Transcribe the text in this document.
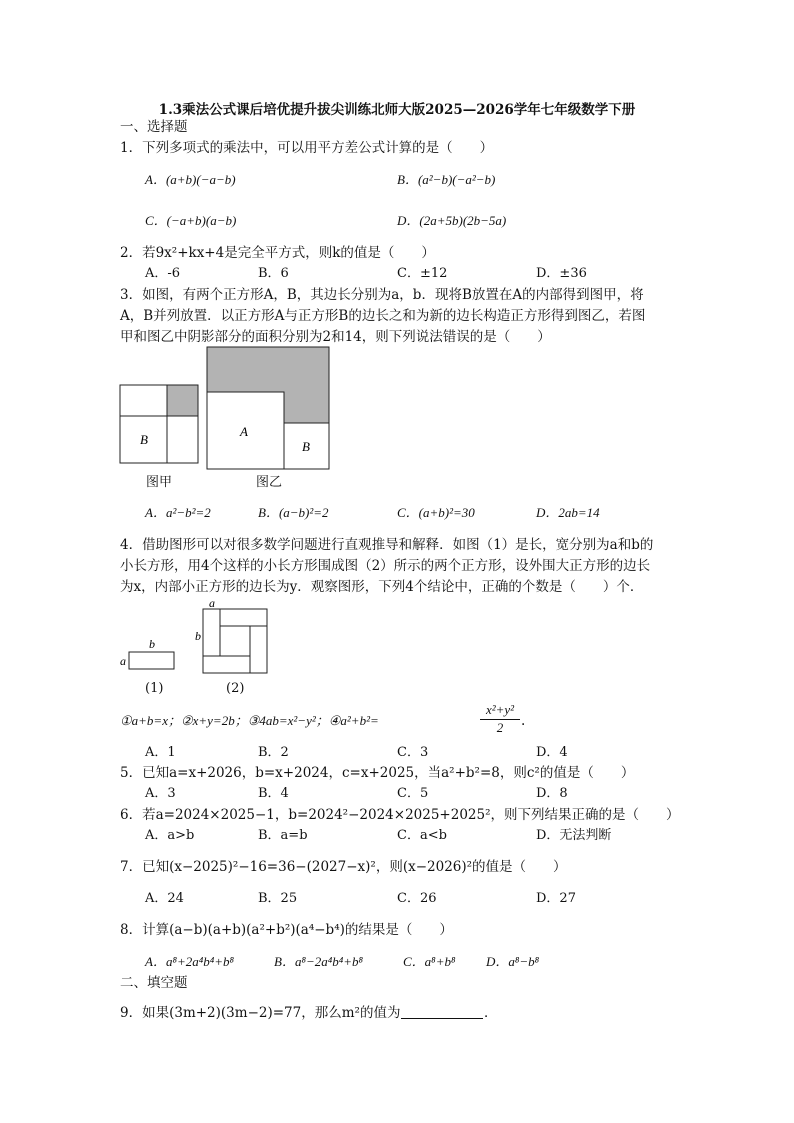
1.3乘法公式课后培优提升拔尖训练北师大版2025—2026学年七年级数学下册
一、选择题
1．下列多项式的乘法中，可以用平方差公式计算的是（　　）
A．(a+b)(−a−b)	B．(a²−b)(−a²−b)
C．(−a+b)(a−b)	D．(2a+5b)(2b−5a)
2．若9x²+kx+4是完全平方式，则k的值是（　　）
A．-6	B．6	C．±12	D．±36
3．如图，有两个正方形A，B，其边长分别为a，b．现将B放置在A的内部得到图甲，将
A，B并列放置．以正方形A与正方形B的边长之和为新的边长构造正方形得到图乙，若图
甲和图乙中阴影部分的面积分别为2和14，则下列说法错误的是（　　）
B
A
B
图甲	图乙
A．a²−b²=2	B．(a−b)²=2	C．(a+b)²=30	D．2ab=14
4．借助图形可以对很多数学问题进行直观推导和解释．如图（1）是长，宽分别为a和b的
小长方形，用4个这样的小长方形围成图（2）所示的两个正方形，设外围大正方形的边长
为x，内部小正方形的边长为y．观察图形，下列4个结论中，正确的个数是（　　）个．
b
a
a
b
(1)	(2)
①a+b=x；②x+y=2b；③4ab=x²−y²；④a²+b²=	$\frac{\text{x²+y²}}{2}$ .
A．1	B．2	C．3	D．4
5．已知a=x+2026，b=x+2024，c=x+2025，当a²+b²=8，则c²的值是（　　）
A．3	B．4	C．5	D．8
6．若a=2024×2025−1，b=2024²−2024×2025+2025²，则下列结果正确的是（　　）
A．a>b	B．a=b	C．a<b	D．无法判断
7．已知(x−2025)²−16=36−(2027−x)²，则(x−2026)²的值是（　　）
A．24	B．25	C．26	D．27
8．计算(a−b)(a+b)(a²+b²)(a⁴−b⁴)的结果是（　　）
A．a⁸+2a⁴b⁴+b⁸	B．a⁸−2a⁴b⁴+b⁸	C．a⁸+b⁸ D．a⁸−b⁸
二、填空题
9．如果(3m+2)(3m−2)=77，那么m²的值为	．
